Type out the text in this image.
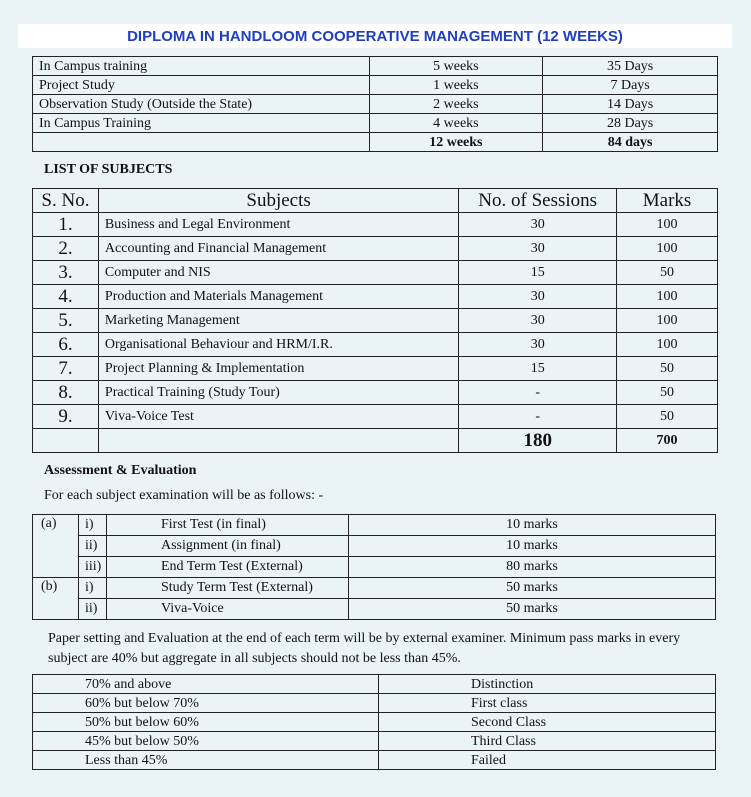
DIPLOMA IN HANDLOOM COOPERATIVE MANAGEMENT (12 WEEKS)
In Campus training	5 weeks	35 Days
Project Study	1 weeks	7 Days
Observation Study (Outside the State)	2 weeks	14 Days
In Campus Training	4 weeks	28 Days
	12 weeks	84 days
LIST OF SUBJECTS
S. No.	Subjects	No. of Sessions	Marks
1.	Business and Legal Environment	30	100
2.	Accounting and Financial Management	30	100
3.	Computer and NIS	15	50
4.	Production and Materials Management	30	100
5.	Marketing Management	30	100
6.	Organisational Behaviour and HRM/I.R.	30	100
7.	Project Planning & Implementation	15	50
8.	Practical Training (Study Tour)	-	50
9.	Viva-Voice Test	-	50
		180	700
Assessment & Evaluation
For each subject examination will be as follows: -
(a)	i)	First Test (in final)	10 marks
	ii)	Assignment (in final)	10 marks
	iii)	End Term Test (External)	80 marks
(b)	i)	Study Term Test (External)	50 marks
	ii)	Viva-Voice	50 marks
Paper setting and Evaluation at the end of each term will be by external examiner. Minimum pass marks in every subject are 40% but aggregate in all subjects should not be less than 45%.
70% and above	Distinction
60% but below 70%	First class
50% but below 60%	Second Class
45% but below 50%	Third Class
Less than 45%	Failed
